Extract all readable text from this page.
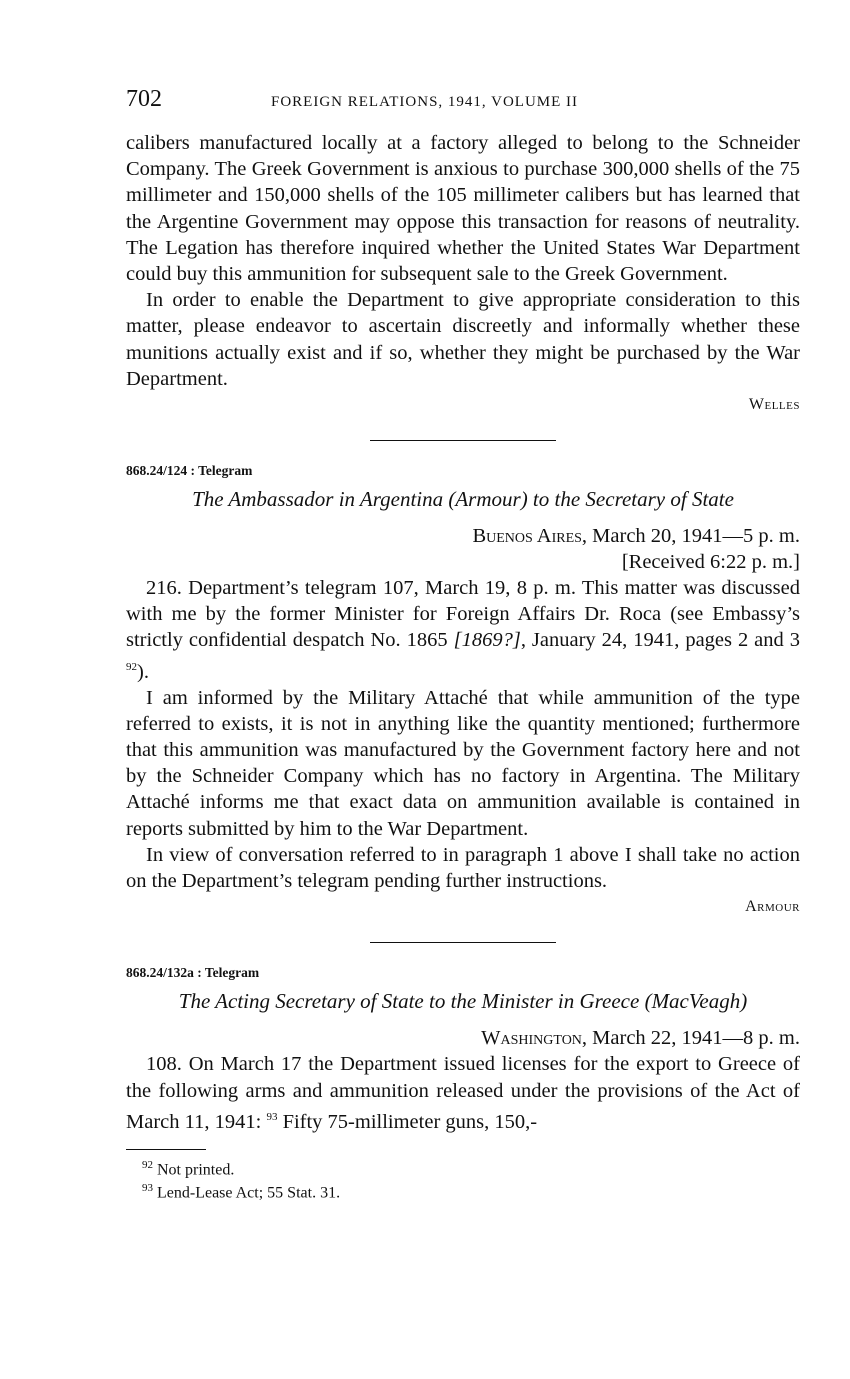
702	FOREIGN RELATIONS, 1941, VOLUME II

calibers manufactured locally at a factory alleged to belong to the Schneider Company. The Greek Government is anxious to purchase 300,000 shells of the 75 millimeter and 150,000 shells of the 105 millimeter calibers but has learned that the Argentine Government may oppose this transaction for reasons of neutrality. The Legation has therefore inquired whether the United States War Department could buy this ammunition for subsequent sale to the Greek Government.

In order to enable the Department to give appropriate consideration to this matter, please endeavor to ascertain discreetly and informally whether these munitions actually exist and if so, whether they might be purchased by the War Department.

Welles
868.24/124 : Telegram
The Ambassador in Argentina (Armour) to the Secretary of State
Buenos Aires, March 20, 1941—5 p. m.
[Received 6:22 p. m.]

216. Department’s telegram 107, March 19, 8 p. m. This matter was discussed with me by the former Minister for Foreign Affairs Dr. Roca (see Embassy’s strictly confidential despatch No. 1865 [1869?], January 24, 1941, pages 2 and 3 $^{92}$).

I am informed by the Military Attaché that while ammunition of the type referred to exists, it is not in anything like the quantity mentioned; furthermore that this ammunition was manufactured by the Government factory here and not by the Schneider Company which has no factory in Argentina. The Military Attaché informs me that exact data on ammunition available is contained in reports submitted by him to the War Department.

In view of conversation referred to in paragraph 1 above I shall take no action on the Department’s telegram pending further instructions.

Armour
868.24/132a : Telegram
The Acting Secretary of State to the Minister in Greece (MacVeagh)
Washington, March 22, 1941—8 p. m.

108. On March 17 the Department issued licenses for the export to Greece of the following arms and ammunition released under the provisions of the Act of March 11, 1941: $^{93}$ Fifty 75-millimeter guns, 150,-

$^{92}$ Not printed.
$^{93}$ Lend-Lease Act; 55 Stat. 31.
